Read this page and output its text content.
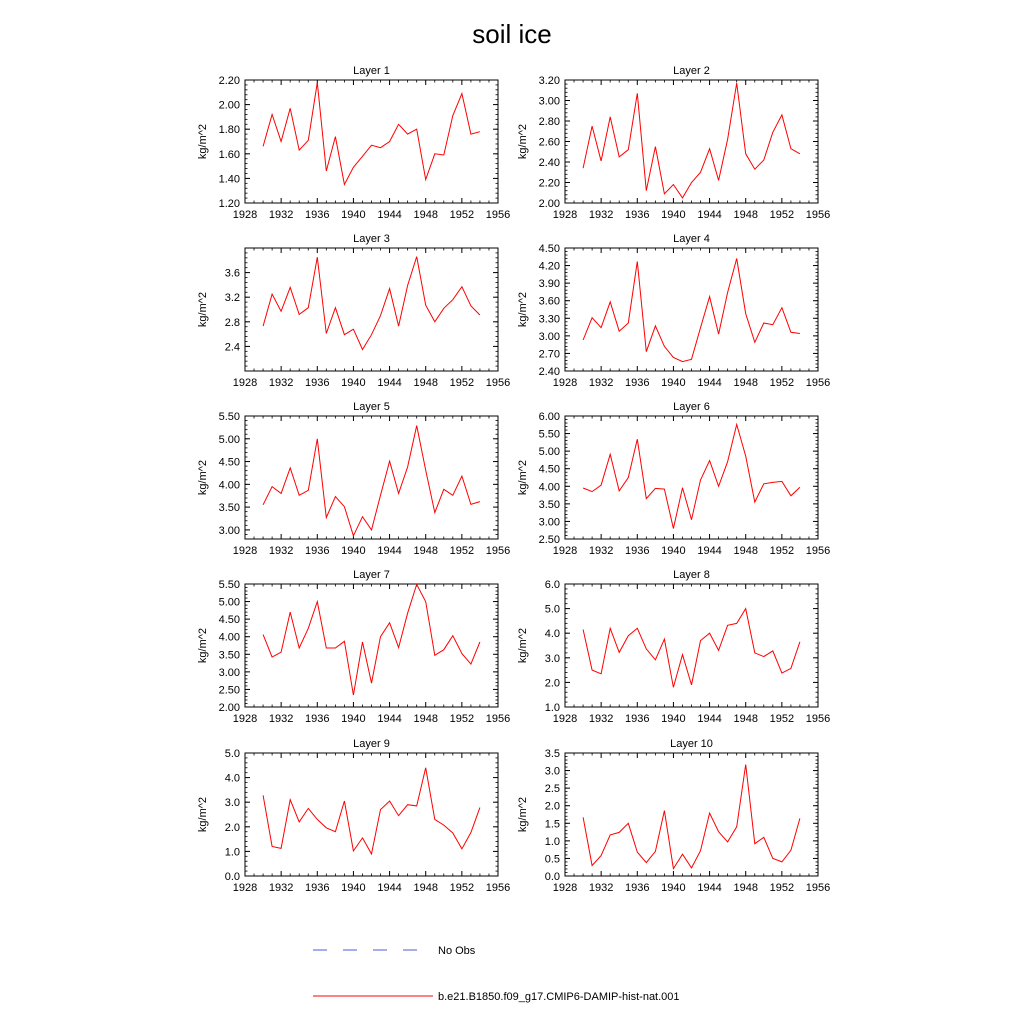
soil ice
Layer 1
1928 1932 1936 1940 1944 1948 1952 1956
1.20
1.40
1.60
1.80
2.00
2.20
kg/m^2
Layer 2
1928 1932 1936 1940 1944 1948 1952 1956
2.00
2.20
2.40
2.60
2.80
3.00
3.20
kg/m^2
Layer 3
1928 1932 1936 1940 1944 1948 1952 1956
2.4
2.8
3.2
3.6
kg/m^2
Layer 4
1928 1932 1936 1940 1944 1948 1952 1956
2.40
2.70
3.00
3.30
3.60
3.90
4.20
4.50
kg/m^2
Layer 5
1928 1932 1936 1940 1944 1948 1952 1956
3.00
3.50
4.00
4.50
5.00
5.50
kg/m^2
Layer 6
1928 1932 1936 1940 1944 1948 1952 1956
2.50
3.00
3.50
4.00
4.50
5.00
5.50
6.00
kg/m^2
Layer 7
1928 1932 1936 1940 1944 1948 1952 1956
2.00
2.50
3.00
3.50
4.00
4.50
5.00
5.50
kg/m^2
Layer 8
1928 1932 1936 1940 1944 1948 1952 1956
1.0
2.0
3.0
4.0
5.0
6.0
kg/m^2
Layer 9
1928 1932 1936 1940 1944 1948 1952 1956
0.0
1.0
2.0
3.0
4.0
5.0
kg/m^2
Layer 10
1928 1932 1936 1940 1944 1948 1952 1956
0.0
0.5
1.0
1.5
2.0
2.5
3.0
3.5
kg/m^2
No Obs
b.e21.B1850.f09_g17.CMIP6-DAMIP-hist-nat.001
